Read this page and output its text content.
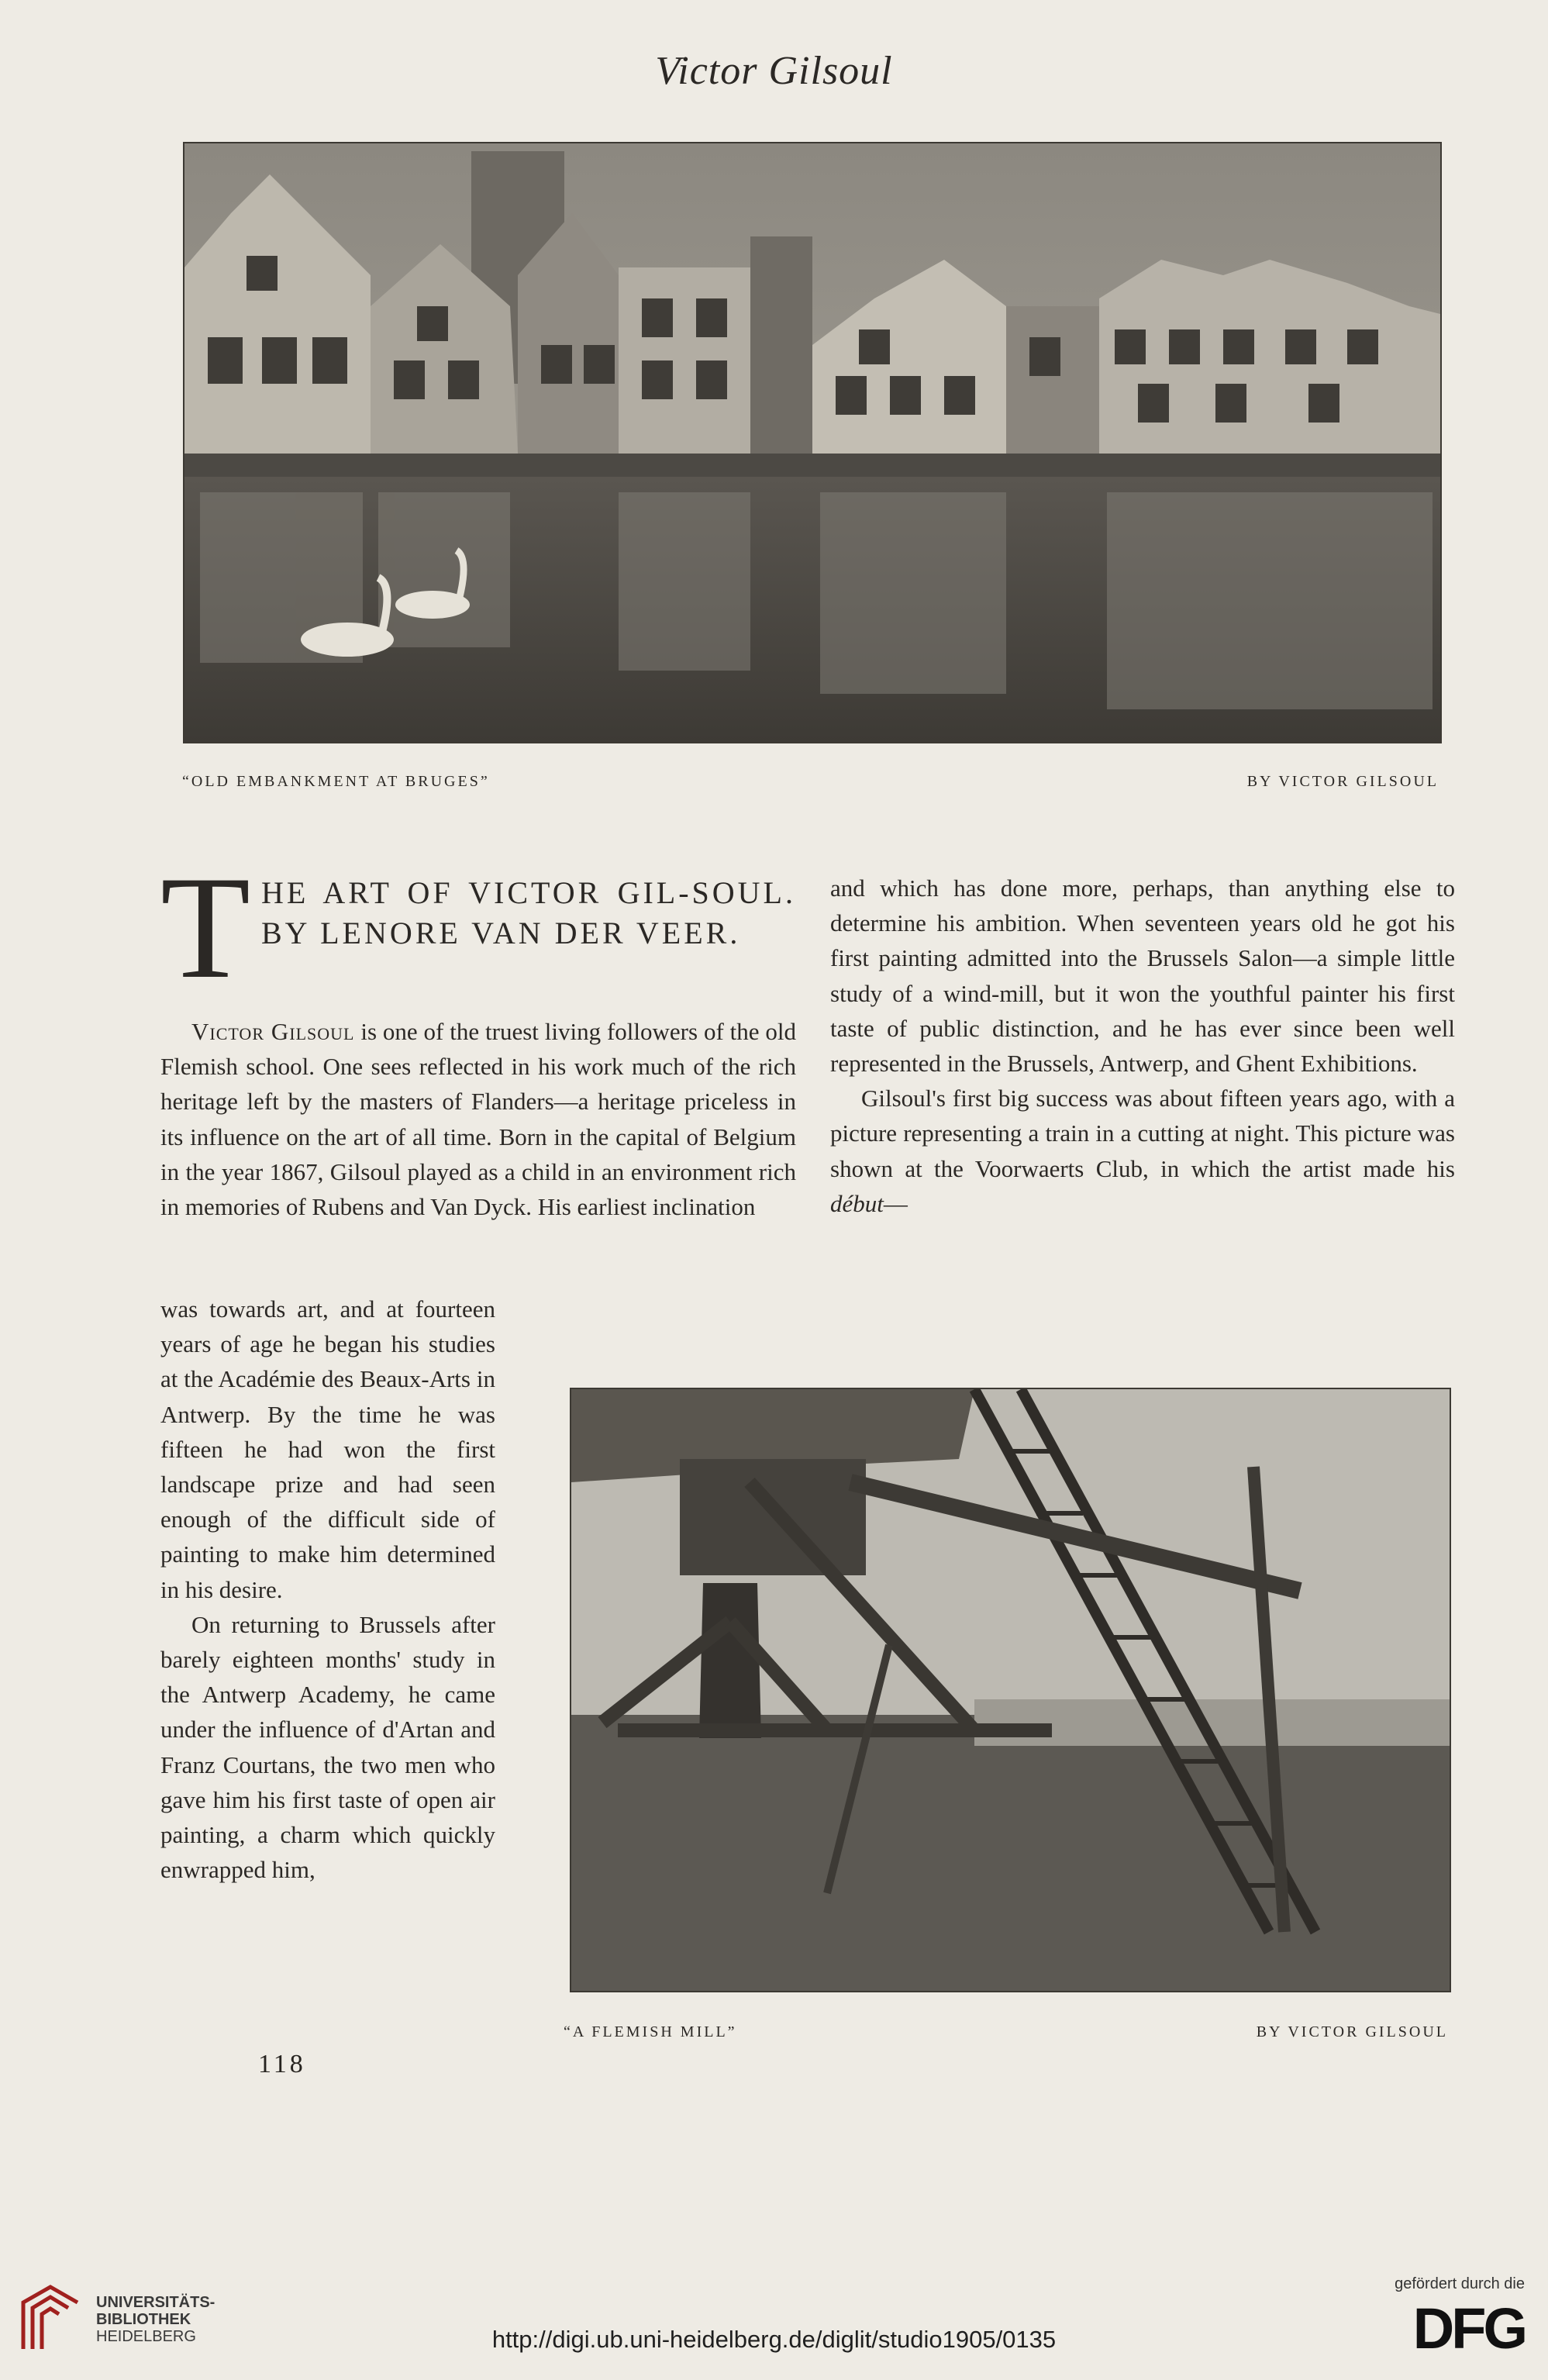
Victor Gilsoul
“OLD EMBANKMENT AT BRUGES”	BY VICTOR GILSOUL
T HE ART OF VICTOR GIL-SOUL. BY LENORE VAN DER VEER.

Victor Gilsoul is one of the truest living followers of the old Flemish school. One sees reflected in his work much of the rich heritage left by the masters of Flanders—a heritage priceless in its influence on the art of all time. Born in the capital of Belgium in the year 1867, Gilsoul played as a child in an environment rich in memories of Rubens and Van Dyck. His earliest inclination

was towards art, and at fourteen years of age he began his studies at the Académie des Beaux-Arts in Antwerp. By the time he was fifteen he had won the first landscape prize and had seen enough of the difficult side of painting to make him determined in his desire.

On returning to Brussels after barely eighteen months' study in the Antwerp Academy, he came under the influence of d'Artan and Franz Courtans, the two men who gave him his first taste of open air painting, a charm which quickly enwrapped him,

and which has done more, perhaps, than anything else to determine his ambition. When seventeen years old he got his first painting admitted into the Brussels Salon—a simple little study of a wind-mill, but it won the youthful painter his first taste of public distinction, and he has ever since been well represented in the Brussels, Antwerp, and Ghent Exhibitions.

Gilsoul's first big success was about fifteen years ago, with a picture representing a train in a cutting at night. This picture was shown at the Voorwaerts Club, in which the artist made his début—

“A FLEMISH MILL”	BY VICTOR GILSOUL
118
UNIVERSITÄTS-
BIBLIOTHEK
HEIDELBERG	http://digi.ub.uni-heidelberg.de/diglit/studio1905/0135
gefördert durch die
DFG
